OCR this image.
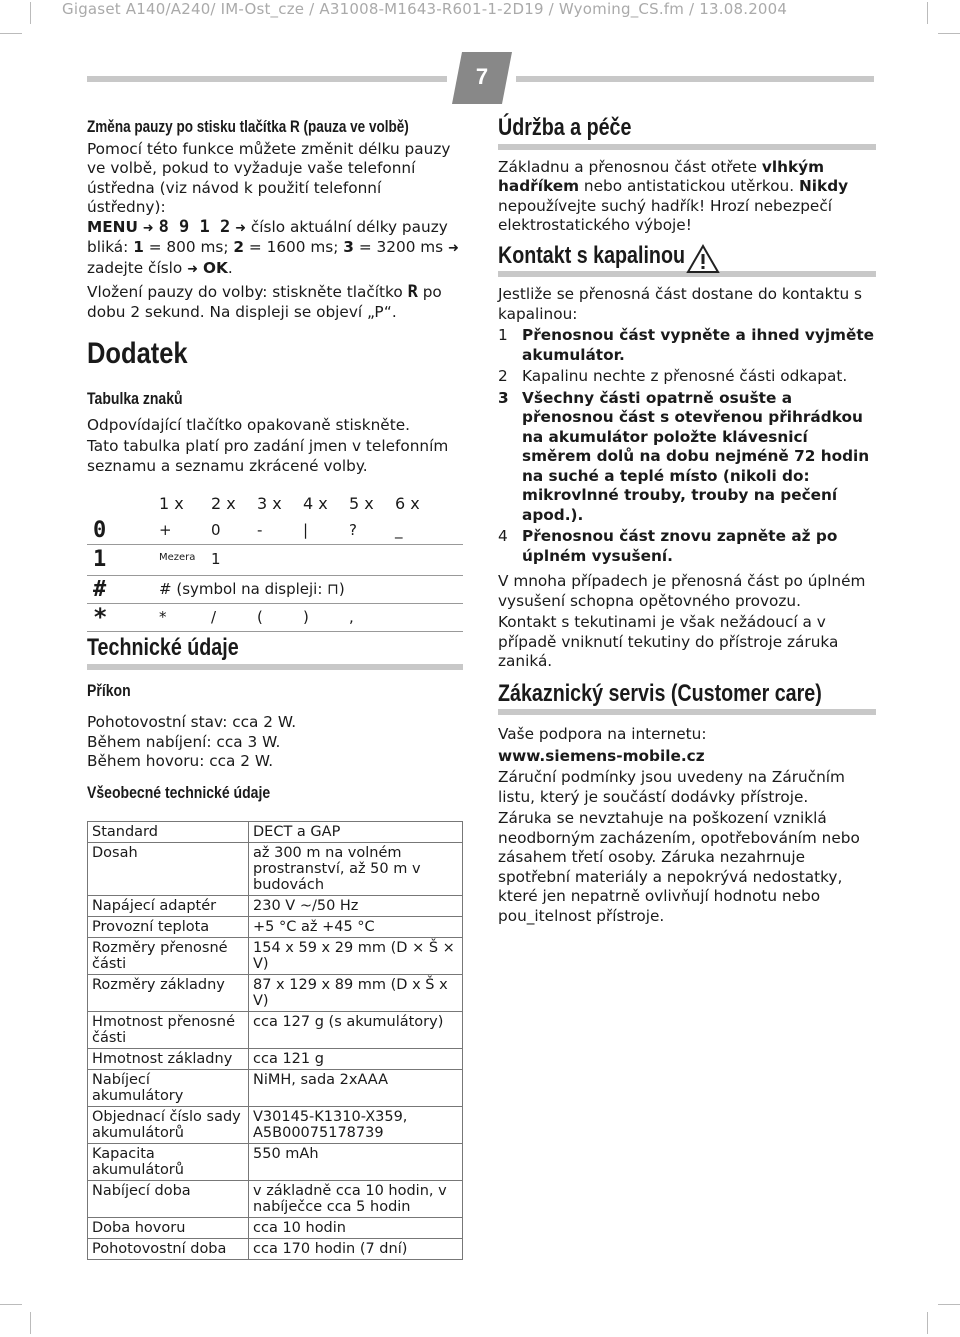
Gigaset A140/A240/ IM-Ost_cze / A31008-M1643-R601-1-2D19 / Wyoming_CS.fm / 13.08.2004
7
Změna pauzy po stisku tlačítka R (pauza ve volbě)

Pomocí této funkce můžete změnit délku pauzy ve volbě, pokud to vyžaduje vaše telefonní ústředna (viz návod k použití telefonní ústředny):

MENU ➜ 8 9 1 2 ➜ číslo aktuální délky pauzy bliká: 1 = 800 ms; 2 = 1600 ms; 3 = 3200 ms ➜ zadejte číslo ➜ OK.

Vložení pauzy do volby: stiskněte tlačítko R po dobu 2 sekund. Na displeji se objeví „P“.

Dodatek
Tabulka znaků

Odpovídající tlačítko opakovaně stiskněte.

Tato tabulka platí pro zadání jmen v telefonním seznamu a seznamu zkrácené volby.

	1 x	2 x	3 x	4 x	5 x	6 x
0	+	0	-	|	?	_
1	Mezera	1				
#	# (symbol na displeji: ⊓)					
*	*	/	(	)	,	
Technické údaje
Příkon
Pohotovostní stav: cca 2 W.
Během nabíjení: cca 3 W.
Během hovoru: cca 2 W.
Všeobecné technické údaje
Standard	DECT a GAP
Dosah	až 300 m na volném prostranství, až 50 m v budovách
Napájecí adaptér	230 V ~/50 Hz
Provozní teplota	+5 °C až +45 °C
Rozměry přenosné části	154 x 59 x 29 mm (D × Š × V)
Rozměry základny	87 x 129 x 89 mm (D x Š x V)
Hmotnost přenosné části	cca 127 g (s akumulátory)
Hmotnost základny	cca 121 g
Nabíjecí akumulátory	NiMH, sada 2xAAA
Objednací číslo sady akumulátorů	V30145-K1310-X359, A5B00075178739
Kapacita akumulátorů	550 mAh
Nabíjecí doba	v základně cca 10 hodin, v nabíječce cca 5 hodin
Doba hovoru	cca 10 hodin
Pohotovostní doba	cca 170 hodin (7 dní)
Údržba a péče

Základnu a přenosnou část otřete vlhkým hadříkem nebo antistatickou utěrkou. Nikdy nepoužívejte suchý hadřík! Hrozí nebezpečí elektrostatického výboje!

Kontakt s kapalinou

Jestliže se přenosná část dostane do kontaktu s kapalinou:

1 Přenosnou část vypněte a ihned vyjměte akumulátor.
2 Kapalinu nechte z přenosné části odkapat.
3 Všechny části opatrně osušte a přenosnou část s otevřenou přihrádkou na akumulátor položte klávesnicí směrem dolů na dobu nejméně 72 hodin na suché a teplé místo (nikoli do: mikrovlnné trouby, trouby na pečení apod.).
4 Přenosnou část znovu zapněte až po úplném vysušení.

V mnoha případech je přenosná část po úplném vysušení schopna opětovného provozu.

Kontakt s tekutinami je však nežádoucí a v případě vniknutí tekutiny do přístroje záruka zaniká.

Zákaznický servis (Customer care)

Vaše podpora na internetu:

www.siemens-mobile.cz

Záruční podmínky jsou uvedeny na Záručním listu, který je součástí dodávky přístroje.

Záruka se nevztahuje na poškození vzniklá neodborným zacházením, opotřebováním nebo zásahem třetí osoby. Záruka nezahrnuje spotřební materiály a nepokrývá nedostatky, které jen nepatrně ovlivňují hodnotu nebo pou_itelnost přístroje.
